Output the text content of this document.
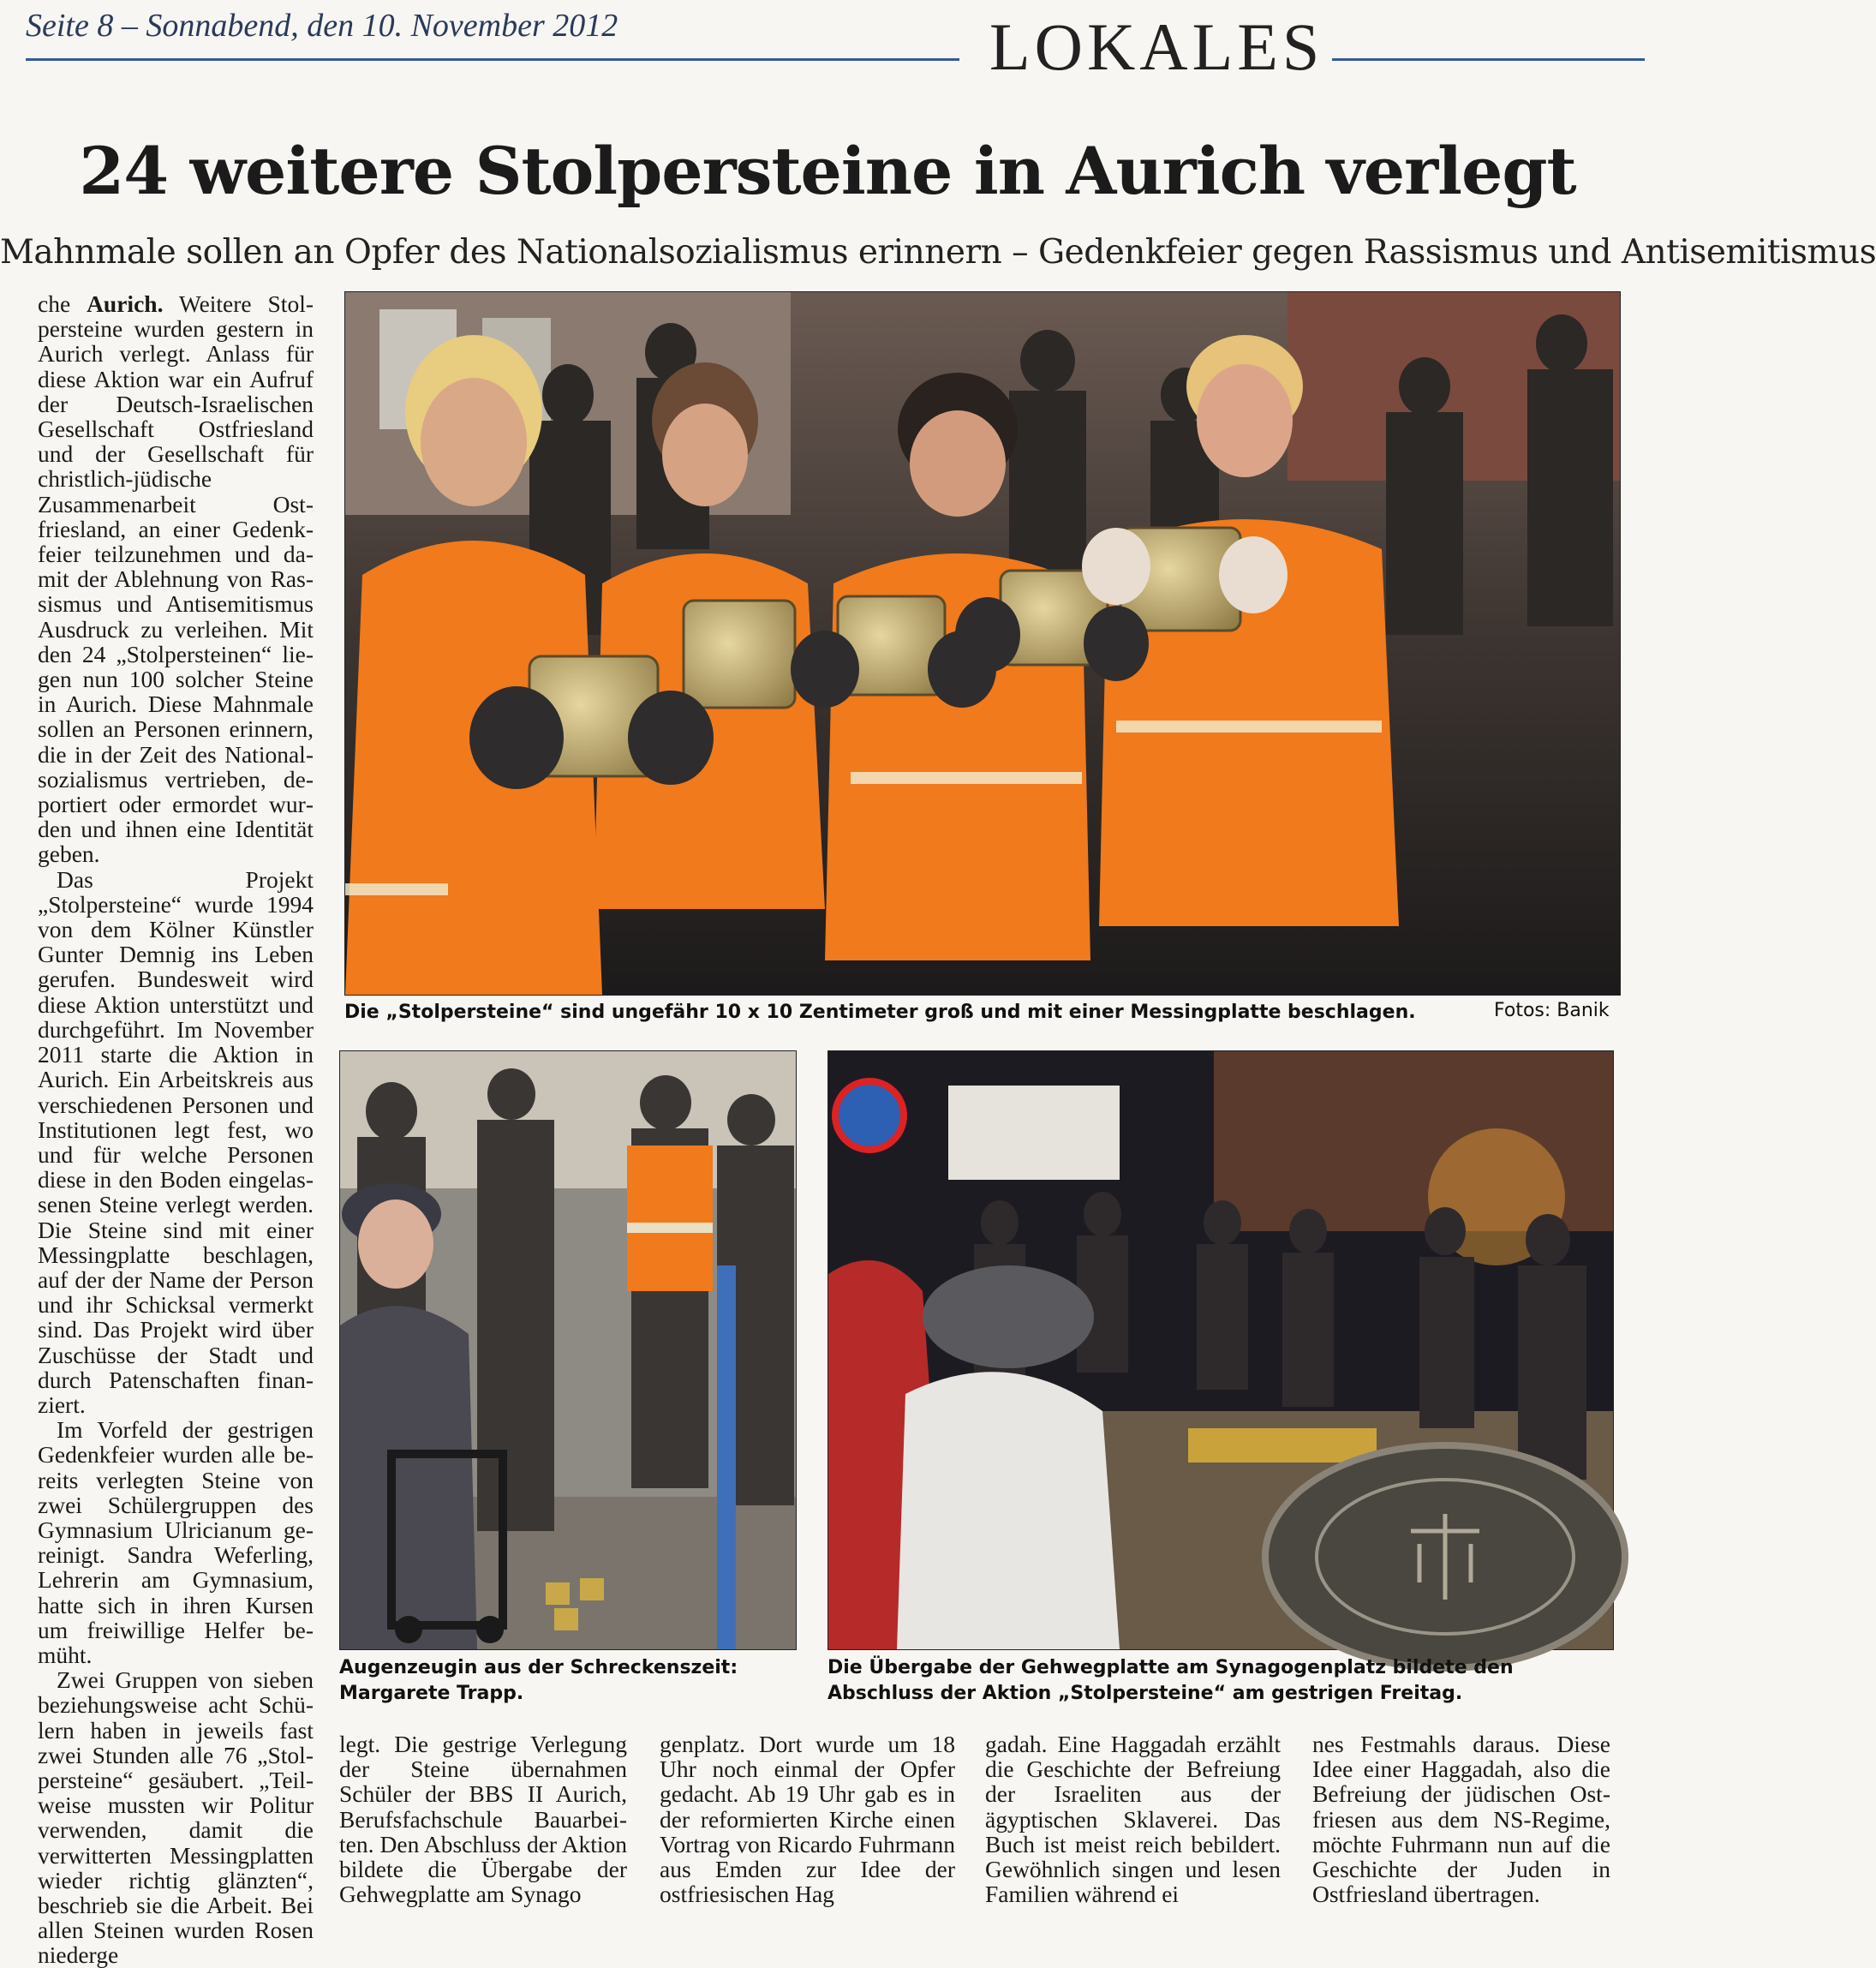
Seite 8 – Sonnabend, den 10. November 2012	LOKALES
24 weitere Stolpersteine in Aurich verlegt
Mahnmale sollen an Opfer des Nationalsozialismus erinnern – Gedenkfeier gegen Rassismus und Antisemitismus

che Aurich. Weitere Stolpersteine wurden gestern in Aurich verlegt. Anlass für diese Aktion war ein Aufruf der Deutsch-Israelischen Gesellschaft Ostfriesland und der Gesellschaft für christlich-jüdische Zusammenarbeit Ostfriesland, an einer Gedenkfeier teilzunehmen und damit der Ablehnung von Rassismus und Antisemitismus Ausdruck zu verleihen. Mit den 24 „Stolpersteinen“ liegen nun 100 solcher Steine in Aurich. Diese Mahnmale sollen an Personen erinnern, die in der Zeit des Nationalsozialismus vertrieben, deportiert oder ermordet wurden und ihnen eine Identität geben.

Das Projekt „Stolpersteine“ wurde 1994 von dem Kölner Künstler Gunter Demnig ins Leben gerufen. Bundesweit wird diese Aktion unterstützt und durchgeführt. Im November 2011 starte die Aktion in Aurich. Ein Arbeitskreis aus verschiedenen Personen und Institutionen legt fest, wo und für welche Personen diese in den Boden eingelassenen Steine verlegt werden. Die Steine sind mit einer Messingplatte beschlagen, auf der der Name der Person und ihr Schicksal vermerkt sind. Das Projekt wird über Zuschüsse der Stadt und durch Patenschaften finanziert.

Im Vorfeld der gestrigen Gedenkfeier wurden alle bereits verlegten Steine von zwei Schülergruppen des Gymnasium Ulricianum gereinigt. Sandra Weferling, Lehrerin am Gymnasium, hatte sich in ihren Kursen um freiwillige Helfer bemüht.

Zwei Gruppen von sieben beziehungsweise acht Schülern haben in jeweils fast zwei Stunden alle 76 „Stolpersteine“ gesäubert. „Teilweise mussten wir Politur verwenden, damit die verwitterten Messingplatten wieder richtig glänzten“, beschrieb sie die Arbeit. Bei allen Steinen wurden Rosen niederge

Die „Stolpersteine“ sind ungefähr 10 x 10 Zentimeter groß und mit einer Messingplatte beschlagen.	Fotos: Banik
Augenzeugin aus der Schreckenszeit: Margarete Trapp.
Die Übergabe der Gehwegplatte am Synagogenplatz bildete den Abschluss der Aktion „Stolpersteine“ am gestrigen Freitag.
legt. Die gestrige Verlegung der Steine übernahmen Schüler der BBS II Aurich, Berufsfachschule Bauarbeiten. Den Abschluss der Aktion bildete die Übergabe der Gehwegplatte am Synago
genplatz. Dort wurde um 18 Uhr noch einmal der Opfer gedacht. Ab 19 Uhr gab es in der reformierten Kirche einen Vortrag von Ricardo Fuhrmann aus Emden zur Idee der ostfriesischen Hag
gadah. Eine Haggadah erzählt die Geschichte der Befreiung der Israeliten aus der ägyptischen Sklaverei. Das Buch ist meist reich bebildert. Gewöhnlich singen und lesen Familien während ei
nes Festmahls daraus. Diese Idee einer Haggadah, also die Befreiung der jüdischen Ostfriesen aus dem NS-Regime, möchte Fuhrmann nun auf die Geschichte der Juden in Ostfriesland übertragen.
